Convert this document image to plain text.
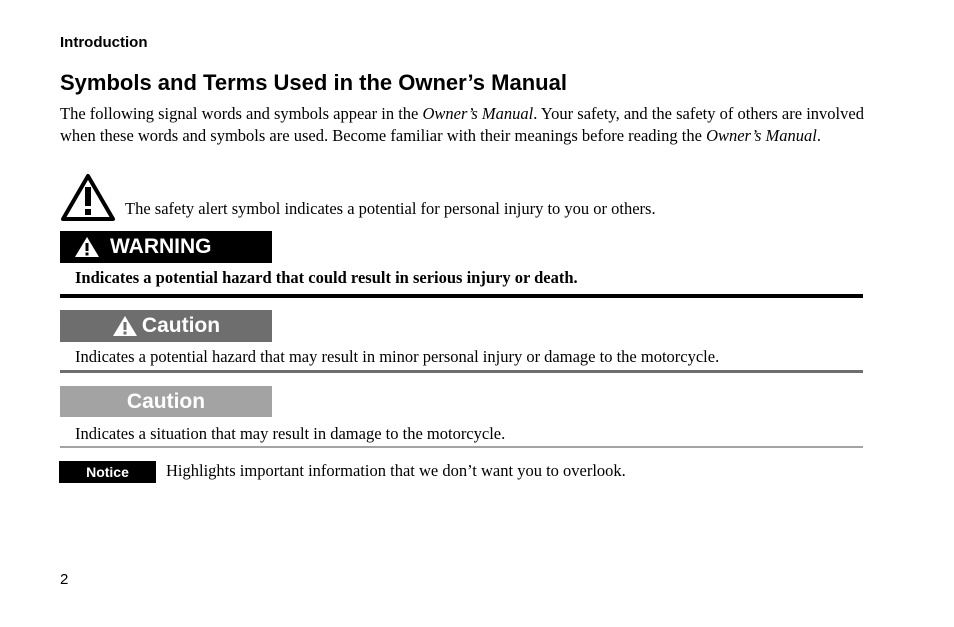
Introduction
Symbols and Terms Used in the Owner’s Manual

The following signal words and symbols appear in the Owner’s Manual. Your safety, and the safety of others are involved when these words and symbols are used. Become familiar with their meanings before reading the Owner’s Manual.

The safety alert symbol indicates a potential for personal injury to you or others.
WARNING
Indicates a potential hazard that could result in serious injury or death.
Caution
Indicates a potential hazard that may result in minor personal injury or damage to the motorcycle.
Caution
Indicates a situation that may result in damage to the motorcycle.
Notice	Highlights important information that we don’t want you to overlook.
2
